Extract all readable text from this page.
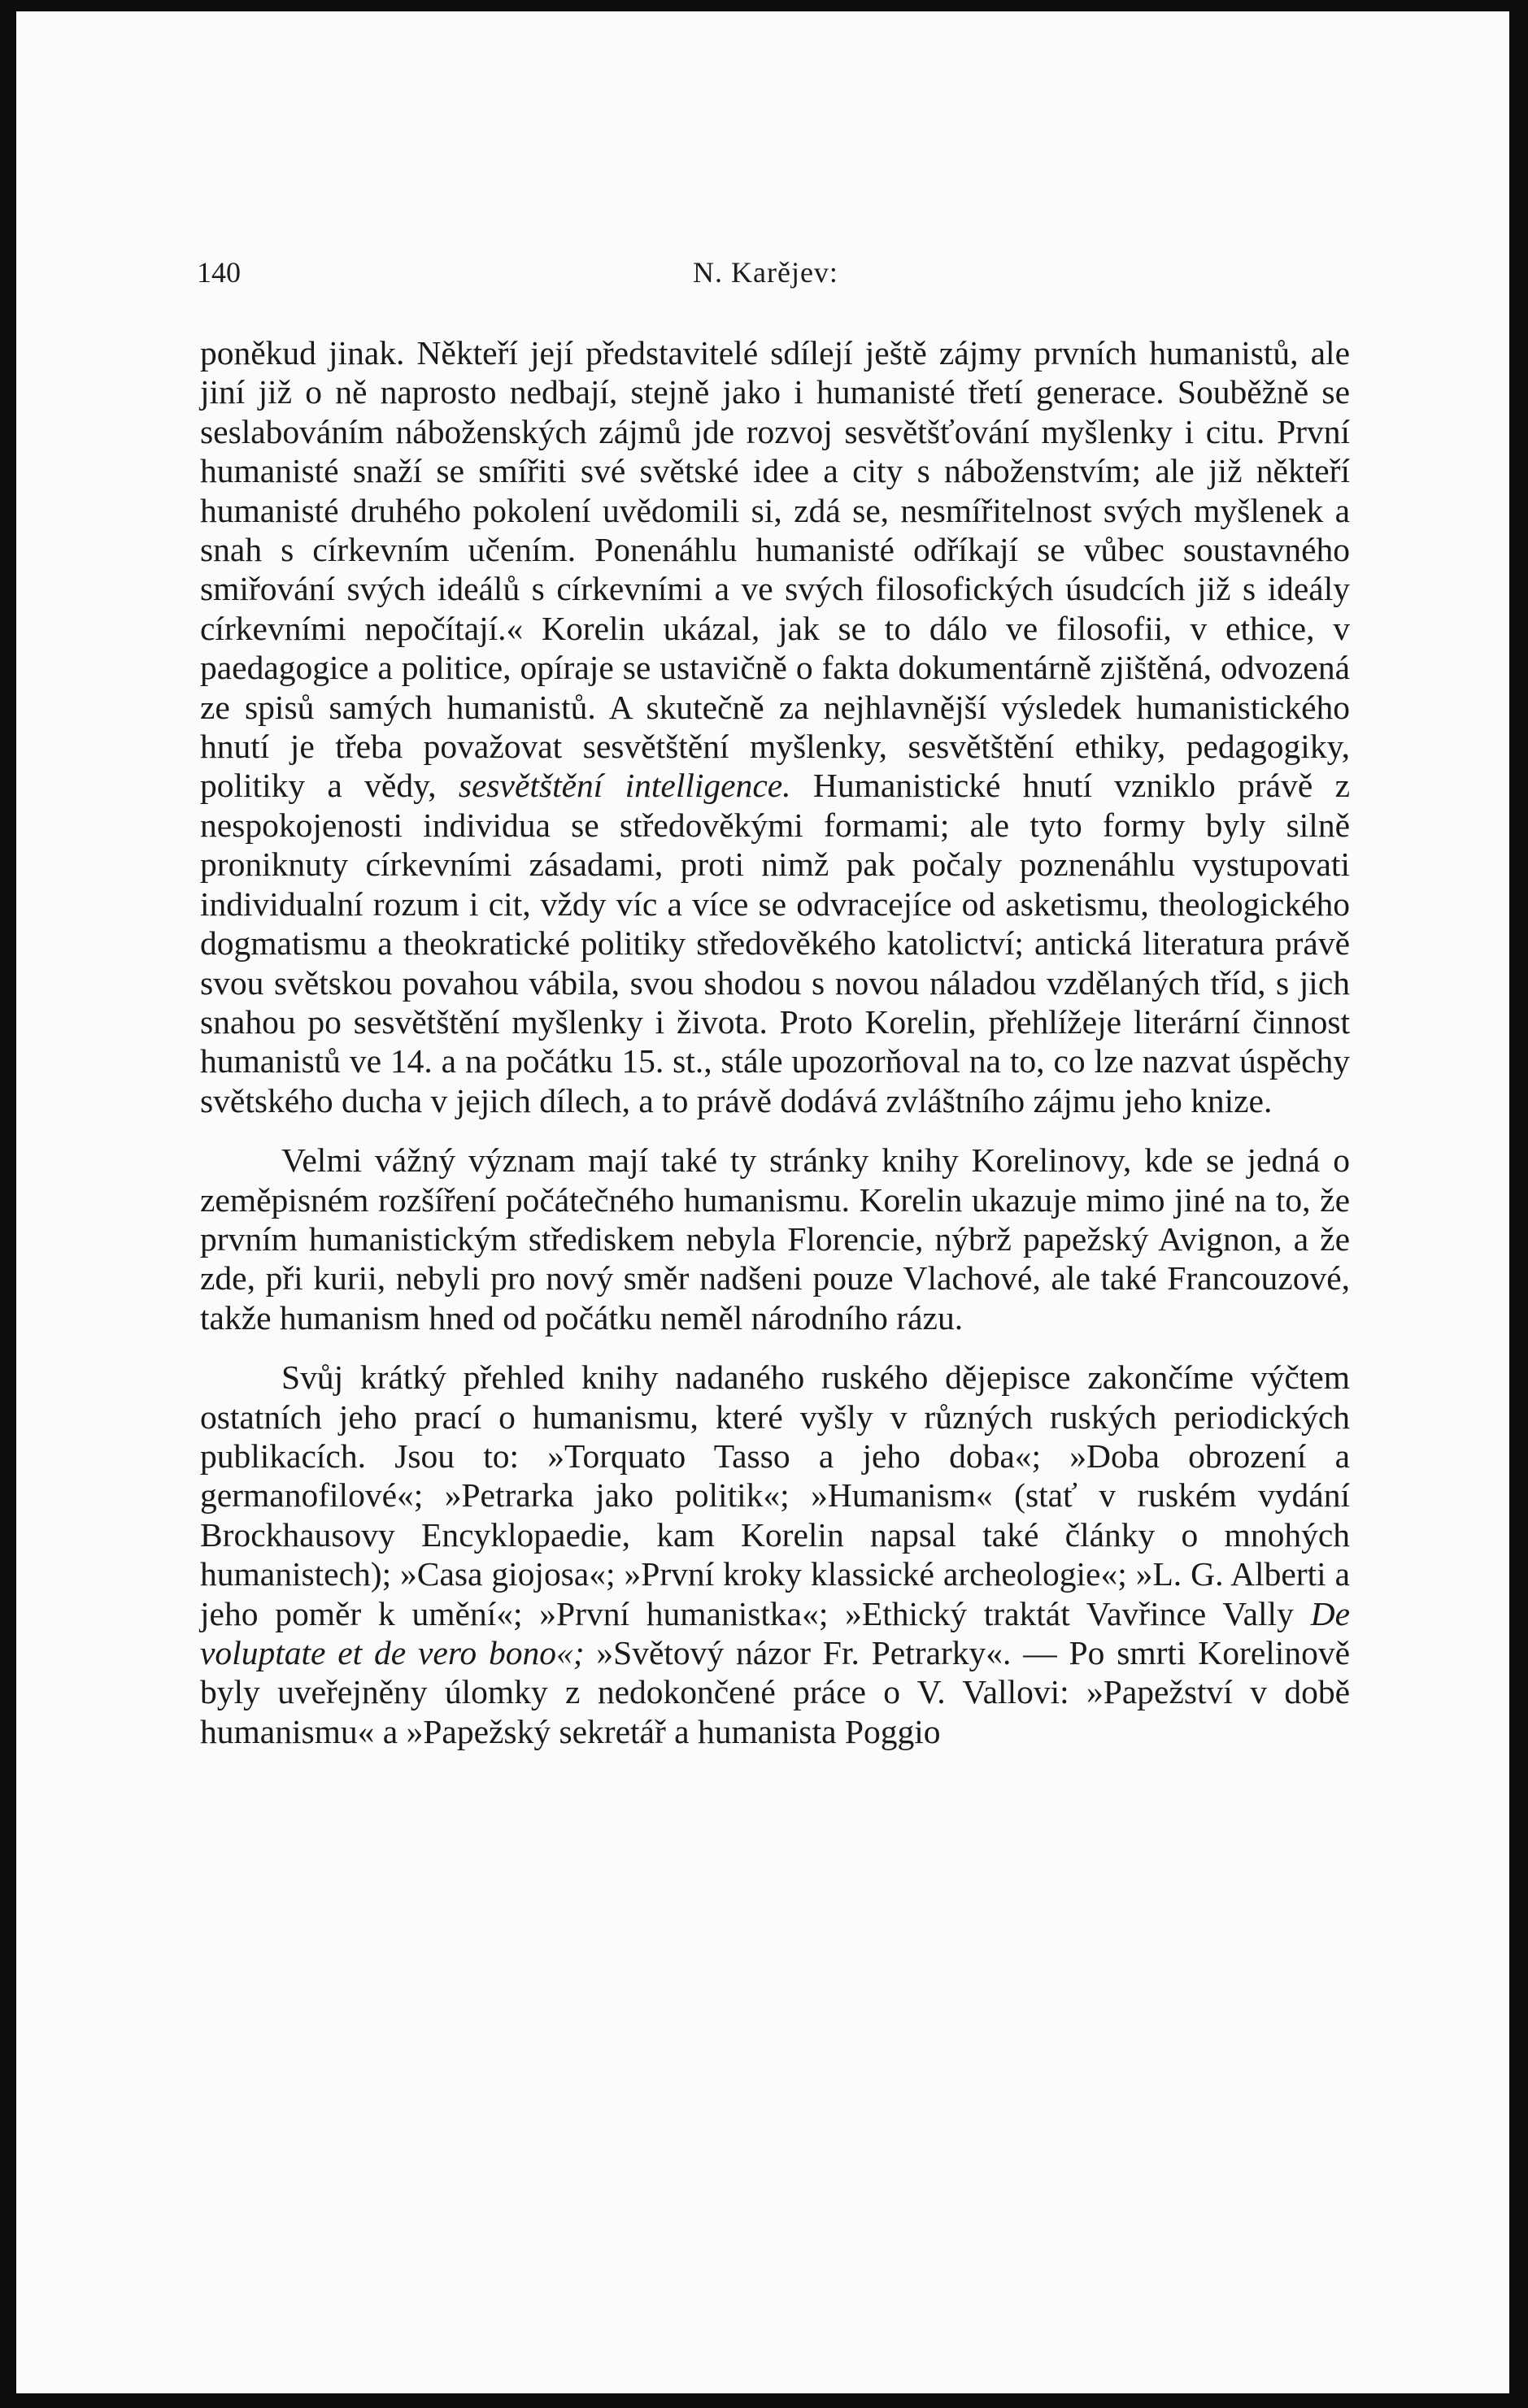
140	N. Karějev:

poněkud jinak. Někteří její představitelé sdílejí ještě zájmy prvních humanistů, ale jiní již o ně naprosto nedbají, stejně jako i humanisté třetí generace. Souběžně se seslabováním náboženských zájmů jde rozvoj sesvětšťování myšlenky i citu. První humanisté snaží se smířiti své světské idee a city s náboženstvím; ale již někteří humanisté druhého pokolení uvědomili si, zdá se, nesmířitelnost svých myšlenek a snah s církevním učením. Ponenáhlu humanisté odříkají se vůbec soustavného smiřování svých ideálů s církevními a ve svých filosofických úsudcích již s ideály církevními nepočítají.« Korelin ukázal, jak se to dálo ve filosofii, v ethice, v paedagogice a politice, opíraje se ustavičně o fakta dokumentárně zjištěná, odvozená ze spisů samých humanistů. A skutečně za nejhlavnější výsledek humanistického hnutí je třeba považovat sesvětštění myšlenky, sesvětštění ethiky, pedagogiky, politiky a vědy, sesvětštění intelligence. Humanistické hnutí vzniklo právě z nespokojenosti individua se středověkými formami; ale tyto formy byly silně proniknuty církevními zásadami, proti nimž pak počaly poznenáhlu vystupovati individualní rozum i cit, vždy víc a více se odvracejíce od asketismu, theologického dogmatismu a theokratické politiky středověkého katolictví; antická literatura právě svou světskou povahou vábila, svou shodou s novou náladou vzdělaných tříd, s jich snahou po sesvětštění myšlenky i života. Proto Korelin, přehlížeje literární činnost humanistů ve 14. a na počátku 15. st., stále upozorňoval na to, co lze nazvat úspěchy světského ducha v jejich dílech, a to právě dodává zvláštního zájmu jeho knize.

Velmi vážný význam mají také ty stránky knihy Korelinovy, kde se jedná o zeměpisném rozšíření počátečného humanismu. Korelin ukazuje mimo jiné na to, že prvním humanistickým střediskem nebyla Florencie, nýbrž papežský Avignon, a že zde, při kurii, nebyli pro nový směr nadšeni pouze Vlachové, ale také Francouzové, takže humanism hned od počátku neměl národního rázu.

Svůj krátký přehled knihy nadaného ruského dějepisce zakončíme výčtem ostatních jeho prací o humanismu, které vyšly v různých ruských periodických publikacích. Jsou to: »Torquato Tasso a jeho doba«; »Doba obrození a germanofilové«; »Petrarka jako politik«; »Humanism« (stať v ruském vydání Brockhausovy Encyklopaedie, kam Korelin napsal také články o mnohých humanistech); »Casa giojosa«; »První kroky klassické archeologie«; »L. G. Alberti a jeho poměr k umění«; »První humanistka«; »Ethický traktát Vavřince Vally De voluptate et de vero bono«; »Světový názor Fr. Petrarky«. — Po smrti Korelinově byly uveřejněny úlomky z nedokončené práce o V. Vallovi: »Papežství v době humanismu« a »Papežský sekretář a humanista Poggio
